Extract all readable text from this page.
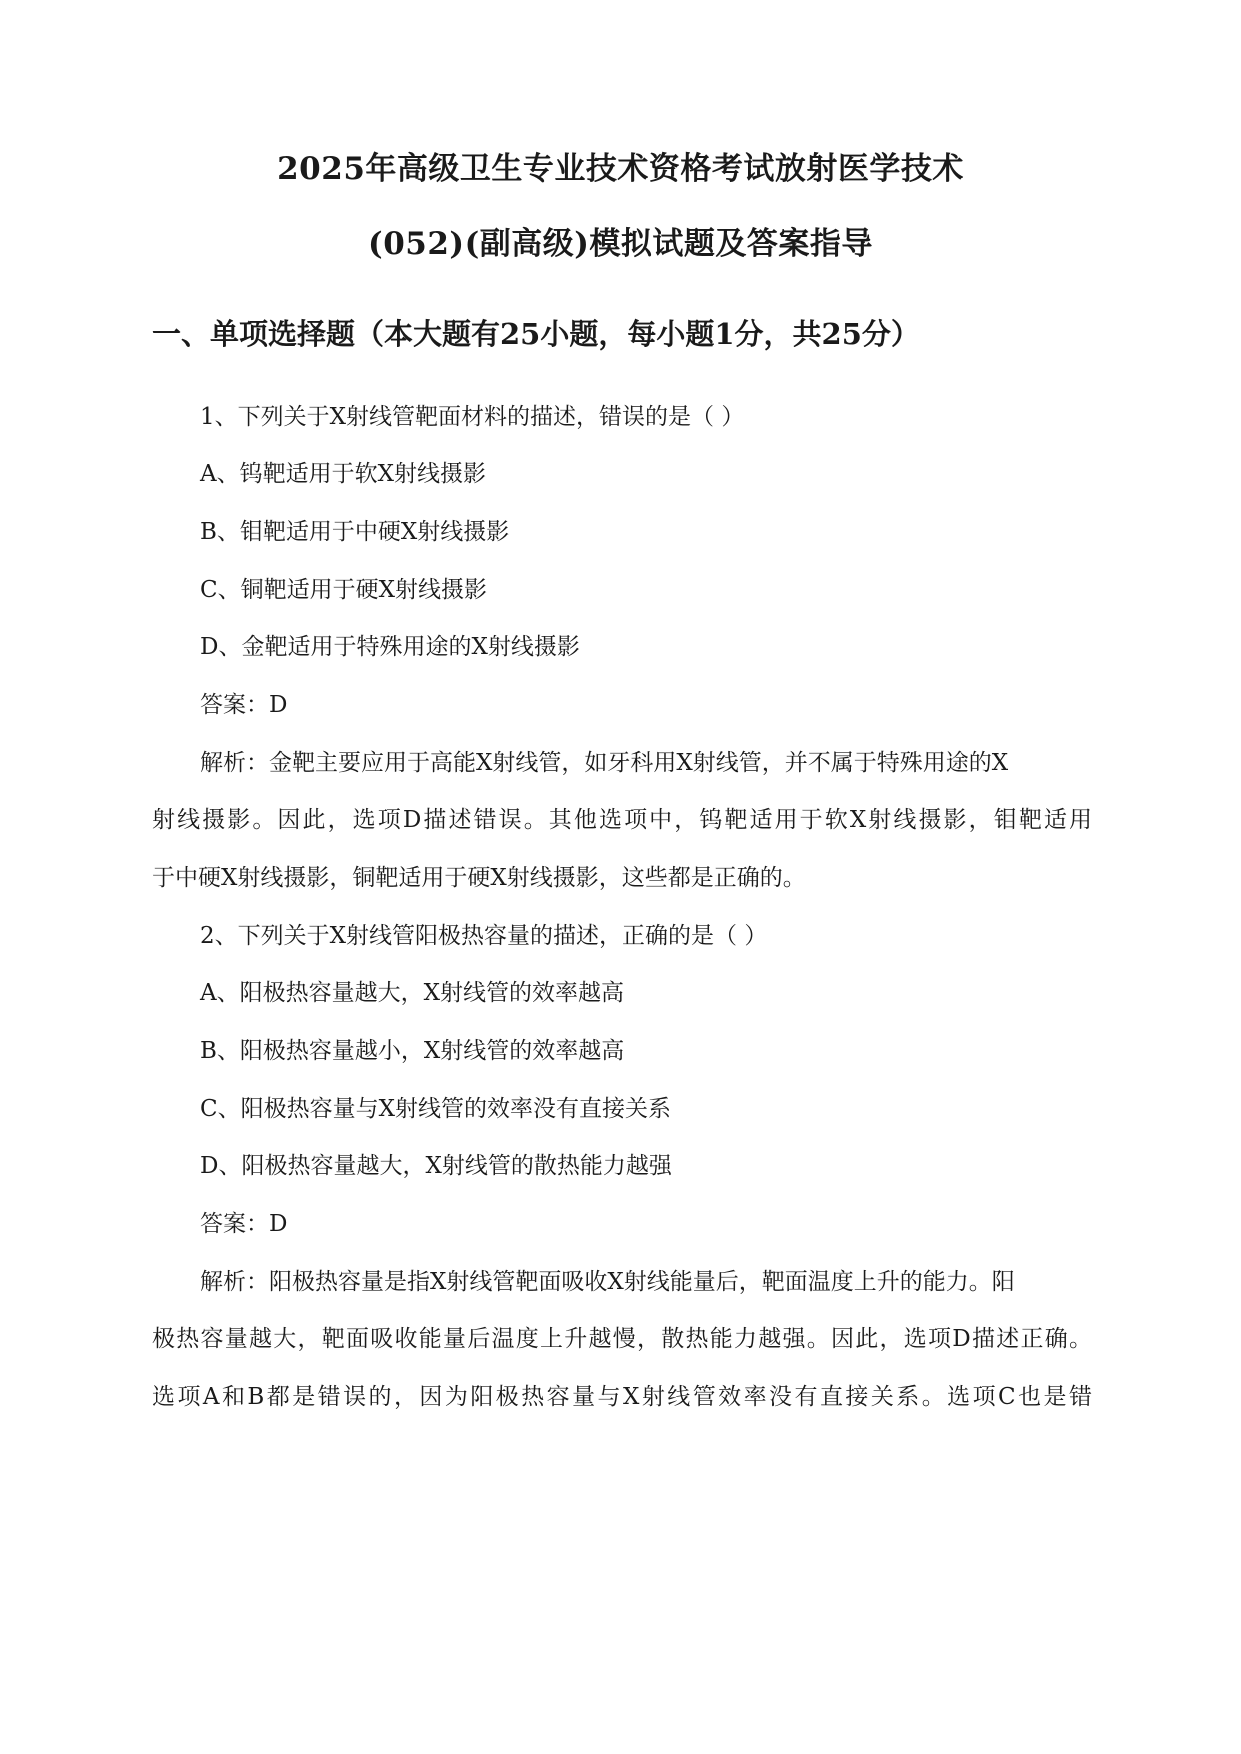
2025年高级卫生专业技术资格考试放射医学技术
(052)(副高级)模拟试题及答案指导
一、单项选择题（本大题有25小题，每小题1分，共25分）
1、下列关于X射线管靶面材料的描述，错误的是（ ）
A、钨靶适用于软X射线摄影
B、钼靶适用于中硬X射线摄影
C、铜靶适用于硬X射线摄影
D、金靶适用于特殊用途的X射线摄影
答案：D
解析：金靶主要应用于高能X射线管，如牙科用X射线管，并不属于特殊用途的X
射线摄影。因此，选项D描述错误。其他选项中，钨靶适用于软X射线摄影，钼靶适用
于中硬X射线摄影，铜靶适用于硬X射线摄影，这些都是正确的。
2、下列关于X射线管阳极热容量的描述，正确的是（ ）
A、阳极热容量越大，X射线管的效率越高
B、阳极热容量越小，X射线管的效率越高
C、阳极热容量与X射线管的效率没有直接关系
D、阳极热容量越大，X射线管的散热能力越强
答案：D
解析：阳极热容量是指X射线管靶面吸收X射线能量后，靶面温度上升的能力。阳
极热容量越大，靶面吸收能量后温度上升越慢，散热能力越强。因此，选项D描述正确。
选项A和B都是错误的，因为阳极热容量与X射线管效率没有直接关系。选项C也是错
